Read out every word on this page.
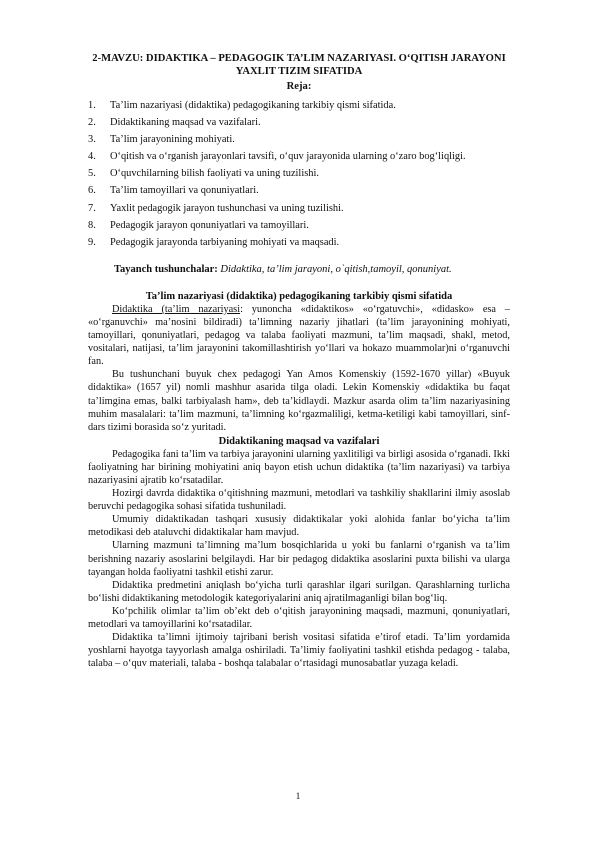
2-MAVZU: DIDAKTIKA – PEDAGOGIK TA’LIM NAZARIYASI. O‘QITISH JARAYONI YAXLIT TIZIM SIFATIDA

Reja:

1.	Ta’lim nazariyasi (didaktika) pedagogikaning tarkibiy qismi sifatida.
2.	Didaktikaning maqsad va vazifalari.
3.	Ta’lim jarayonining mohiyati.
4.	O‘qitish va o‘rganish jarayonlari tavsifi, o‘quv jarayonida ularning o‘zaro bog‘liqligi.
5.	O‘quvchilarning bilish faoliyati va uning tuzilishi.
6.	Ta’lim tamoyillari va qonuniyatlari.
7.	Yaxlit pedagogik jarayon tushunchasi va uning tuzilishi.
8.	Pedagogik jarayon qonuniyatlari va tamoyillari.
9.	Pedagogik jarayonda tarbiyaning mohiyati va maqsadi.

Tayanch tushunchalar: Didaktika, ta’lim jarayoni, o`qitish,tamoyil, qonuniyat.

Ta’lim nazariyasi (didaktika) pedagogikaning tarkibiy qismi sifatida

Didaktika (ta’lim nazariyasi: yunoncha «didaktikos» «o‘rgatuvchi», «didasko» esa – «o‘rganuvchi» ma’nosini bildiradi) ta’limning nazariy jihatlari (ta’lim jarayonining mohiyati, tamoyillari, qonuniyatlari, pedagog va talaba faoliyati mazmuni, ta’lim maqsadi, shakl, metod, vositalari, natijasi, ta’lim jarayonini takomillashtirish yo‘llari va hokazo muammolar)ni o‘rganuvchi fan.

Bu tushunchani buyuk chex pedagogi Yan Amos Komenskiy (1592-1670 yillar) «Buyuk didaktika» (1657 yil) nomli mashhur asarida tilga oladi. Lekin Komenskiy «didaktika bu faqat ta’limgina emas, balki tarbiyalash ham», deb ta’kidlaydi. Mazkur asarda olim ta’lim nazariyasining muhim masalalari: ta’lim mazmuni, ta’limning ko‘rgazmaliligi, ketma-ketiligi kabi tamoyillari, sinf-dars tizimi borasida so‘z yuritadi.

Didaktikaning maqsad va vazifalari

Pedagogika fani ta’lim va tarbiya jarayonini ularning yaxlitiligi va birligi asosida o‘rganadi. Ikki faoliyatning har birining mohiyatini aniq bayon etish uchun didaktika (ta’lim nazariyasi) va tarbiya nazariyasini ajratib ko‘rsatadilar.

Hozirgi davrda didaktika o‘qitishning mazmuni, metodlari va tashkiliy shakllarini ilmiy asoslab beruvchi pedagogika sohasi sifatida tushuniladi.

Umumiy didaktikadan tashqari xususiy didaktikalar yoki alohida fanlar bo‘yicha ta’lim metodikasi deb ataluvchi didaktikalar ham mavjud.

Ularning mazmuni ta’limning ma’lum bosqichlarida u yoki bu fanlarni o‘rganish va ta’lim berishning nazariy asoslarini belgilaydi. Har bir pedagog didaktika asoslarini puxta bilishi va ularga tayangan holda faoliyatni tashkil etishi zarur.

Didaktika predmetini aniqlash bo‘yicha turli qarashlar ilgari surilgan. Qarashlarning turlicha bo‘lishi didaktikaning metodologik kategoriyalarini aniq ajratilmaganligi bilan bog‘liq.

Ko‘pchilik olimlar ta’lim ob’ekt deb o‘qitish jarayonining maqsadi, mazmuni, qonuniyatlari, metodlari va tamoyillarini ko‘rsatadilar.

Didaktika ta’limni ijtimoiy tajribani berish vositasi sifatida e’tirof etadi. Ta’lim yordamida yoshlarni hayotga tayyorlash amalga oshiriladi. Ta’limiy faoliyatini tashkil etishda pedagog - talaba, talaba – o‘quv materiali, talaba - boshqa talabalar o‘rtasidagi munosabatlar yuzaga keladi.

1
